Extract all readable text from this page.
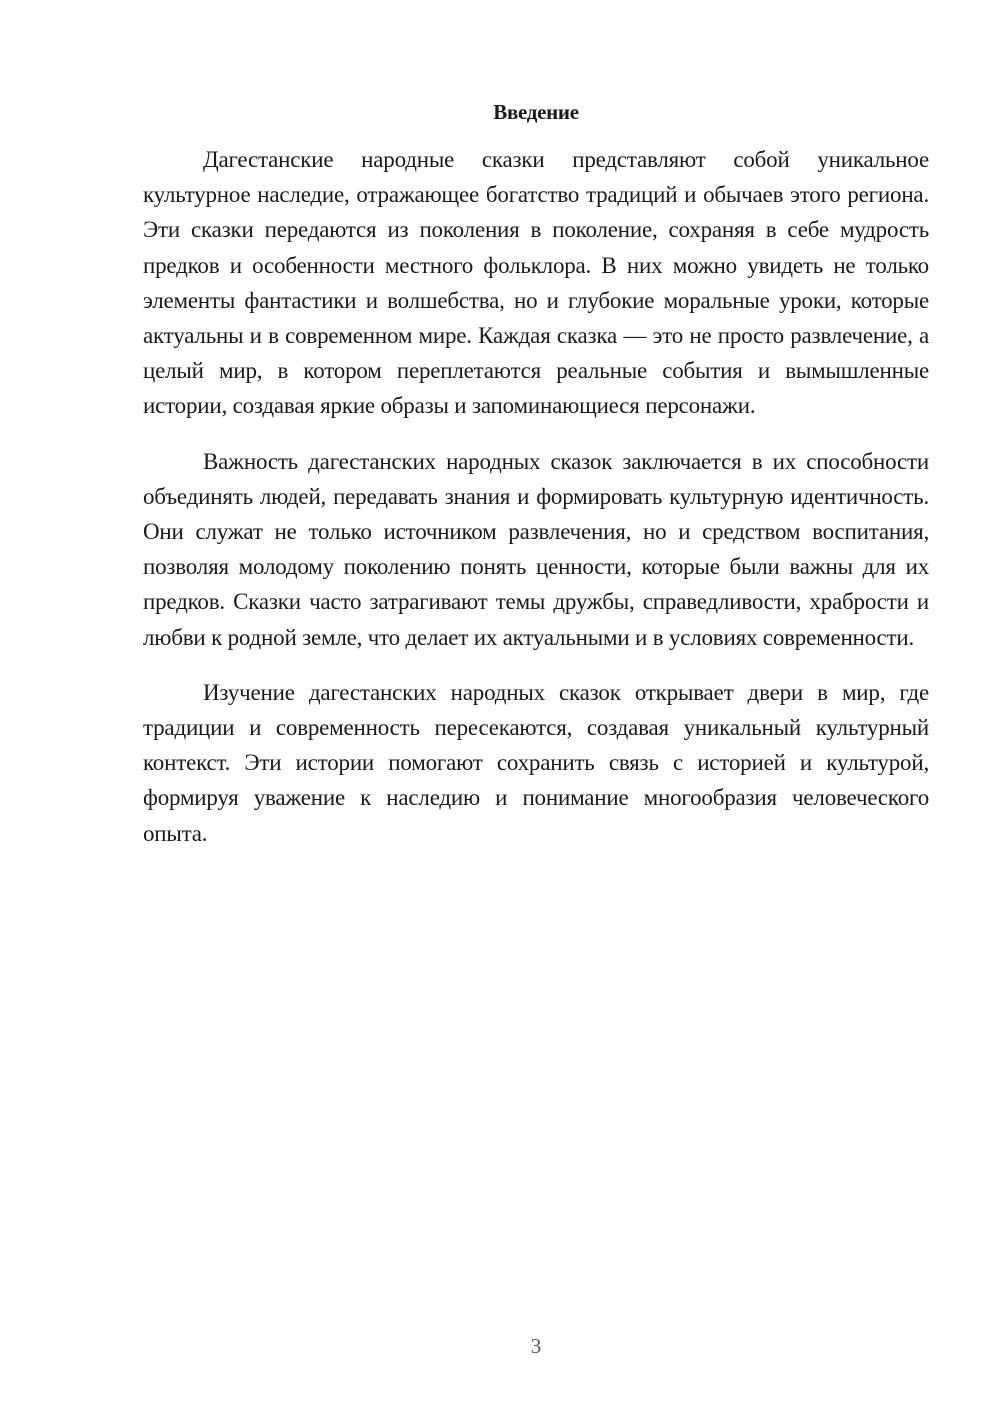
Введение

Дагестанские народные сказки представляют собой уникальное культурное наследие, отражающее богатство традиций и обычаев этого региона. Эти сказки передаются из поколения в поколение, сохраняя в себе мудрость предков и особенности местного фольклора. В них можно увидеть не только элементы фантастики и волшебства, но и глубокие моральные уроки, которые актуальны и в современном мире. Каждая сказка — это не просто развлечение, а целый мир, в котором переплетаются реальные события и вымышленные истории, создавая яркие образы и запоминающиеся персонажи.

Важность дагестанских народных сказок заключается в их способности объединять людей, передавать знания и формировать культурную идентичность. Они служат не только источником развлечения, но и средством воспитания, позволяя молодому поколению понять ценности, которые были важны для их предков. Сказки часто затрагивают темы дружбы, справедливости, храбрости и любви к родной земле, что делает их актуальными и в условиях современности.

Изучение дагестанских народных сказок открывает двери в мир, где традиции и современность пересекаются, создавая уникальный культурный контекст. Эти истории помогают сохранить связь с историей и культурой, формируя уважение к наследию и понимание многообразия человеческого опыта.

3
